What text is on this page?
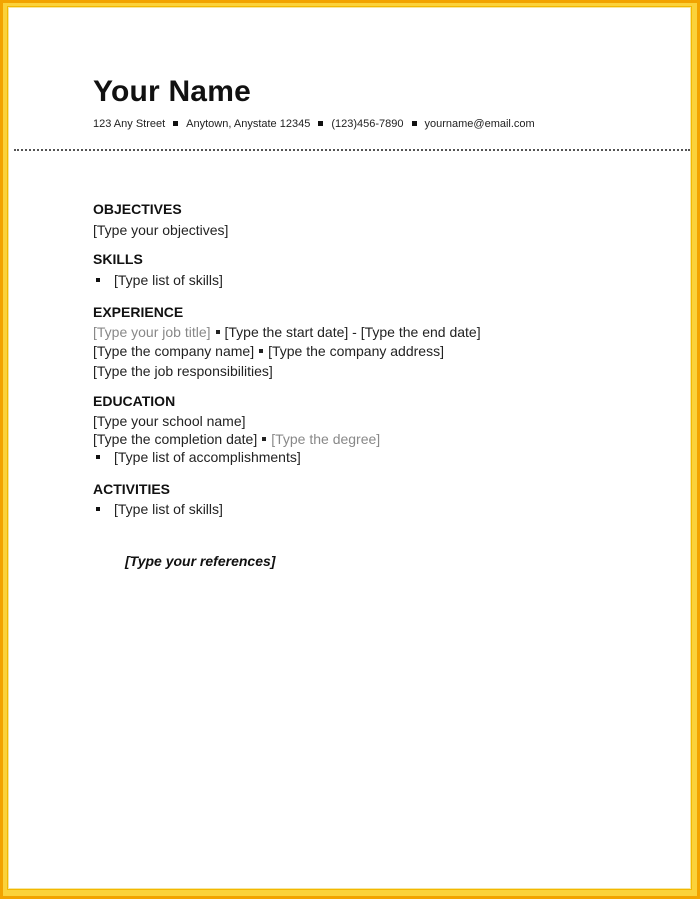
Your Name
123 Any Street Anytown, Anystate 12345 (123)456-7890 yourname@email.com
OBJECTIVES
[Type your objectives]
SKILLS
[Type list of skills]
EXPERIENCE
[Type your job title] [Type the start date] - [Type the end date]
[Type the company name] [Type the company address]
[Type the job responsibilities]
EDUCATION
[Type your school name]
[Type the completion date] [Type the degree]
[Type list of accomplishments]
ACTIVITIES
[Type list of skills]
[Type your references]
